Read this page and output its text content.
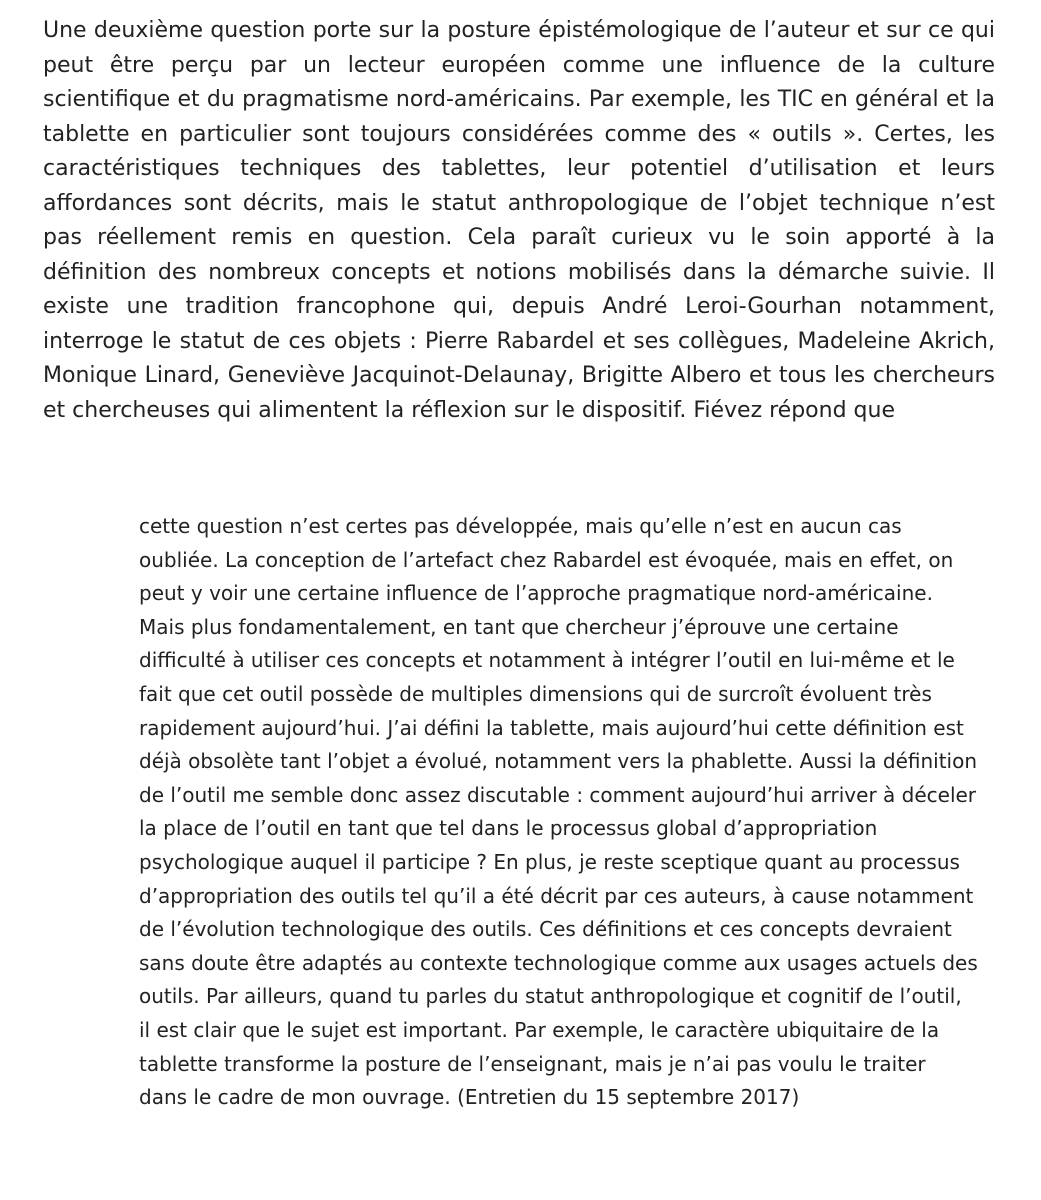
Une deuxième question porte sur la posture épistémologique de l’auteur et sur ce qui peut être perçu par un lecteur européen comme une influence de la culture scientifique et du pragmatisme nord-américains. Par exemple, les TIC en général et la tablette en particulier sont toujours considérées comme des « outils ». Certes, les caractéristiques techniques des tablettes, leur potentiel d’utilisation et leurs affordances sont décrits, mais le statut anthropologique de l’objet technique n’est pas réellement remis en question. Cela paraît curieux vu le soin apporté à la définition des nombreux concepts et notions mobilisés dans la démarche suivie. Il existe une tradition francophone qui, depuis André Leroi-Gourhan notamment, interroge le statut de ces objets : Pierre Rabardel et ses collègues, Madeleine Akrich, Monique Linard, Geneviève Jacquinot-Delaunay, Brigitte Albero et tous les chercheurs et chercheuses qui alimentent la réflexion sur le dispositif. Fiévez répond que

cette question n’est certes pas développée, mais qu’elle n’est en aucun cas oubliée. La conception de l’artefact chez Rabardel est évoquée, mais en effet, on peut y voir une certaine influence de l’approche pragmatique nord-américaine. Mais plus fondamentalement, en tant que chercheur j’éprouve une certaine difficulté à utiliser ces concepts et notamment à intégrer l’outil en lui-même et le fait que cet outil possède de multiples dimensions qui de surcroît évoluent très rapidement aujourd’hui. J’ai défini la tablette, mais aujourd’hui cette définition est déjà obsolète tant l’objet a évolué, notamment vers la phablette. Aussi la définition de l’outil me semble donc assez discutable : comment aujourd’hui arriver à déceler la place de l’outil en tant que tel dans le processus global d’appropriation psychologique auquel il participe ? En plus, je reste sceptique quant au processus d’appropriation des outils tel qu’il a été décrit par ces auteurs, à cause notamment de l’évolution technologique des outils. Ces définitions et ces concepts devraient sans doute être adaptés au contexte technologique comme aux usages actuels des outils. Par ailleurs, quand tu parles du statut anthropologique et cognitif de l’outil, il est clair que le sujet est important. Par exemple, le caractère ubiquitaire de la tablette transforme la posture de l’enseignant, mais je n’ai pas voulu le traiter dans le cadre de mon ouvrage. (Entretien du 15 septembre 2017)
